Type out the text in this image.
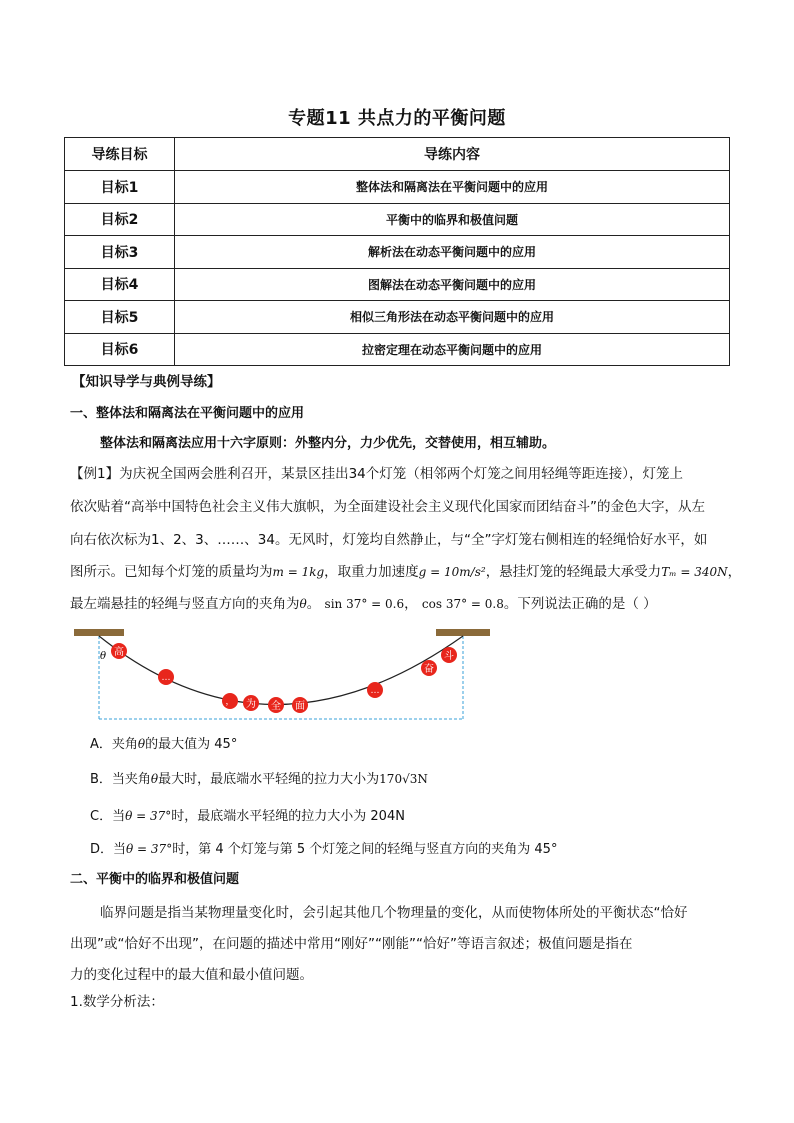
专题11 共点力的平衡问题
导练目标	导练内容
目标1	整体法和隔离法在平衡问题中的应用
目标2	平衡中的临界和极值问题
目标3	解析法在动态平衡问题中的应用
目标4	图解法在动态平衡问题中的应用
目标5	相似三角形法在动态平衡问题中的应用
目标6	拉密定理在动态平衡问题中的应用
【知识导学与典例导练】
一、整体法和隔离法在平衡问题中的应用
整体法和隔离法应用十六字原则：外整内分，力少优先，交替使用，相互辅助。
【例1】为庆祝全国两会胜利召开，某景区挂出34个灯笼（相邻两个灯笼之间用轻绳等距连接），灯笼上
依次贴着“高举中国特色社会主义伟大旗帜，为全面建设社会主义现代化国家而团结奋斗”的金色大字，从左
向右依次标为1、2、3、……、34。无风时，灯笼均自然静止，与“全”字灯笼右侧相连的轻绳恰好水平，如
图所示。已知每个灯笼的质量均为m = 1kg，取重力加速度g = 10m/s²，悬挂灯笼的轻绳最大承受力Tₘ = 340N，
最左端悬挂的轻绳与竖直方向的夹角为θ。 sin 37° = 0.6， cos 37° = 0.8。下列说法正确的是（ ）
θ 高
…
， 为 全 面
…
奋
斗
A．夹角θ的最大值为 45°
B．当夹角θ最大时，最底端水平轻绳的拉力大小为170√3N
C．当θ = 37°时，最底端水平轻绳的拉力大小为 204N
D．当θ = 37°时，第 4 个灯笼与第 5 个灯笼之间的轻绳与竖直方向的夹角为 45°
二、平衡中的临界和极值问题
临界问题是指当某物理量变化时，会引起其他几个物理量的变化，从而使物体所处的平衡状态“恰好
出现”或“恰好不出现”，在问题的描述中常用“刚好”“刚能”“恰好”等语言叙述；极值问题是指在
力的变化过程中的最大值和最小值问题。
1.数学分析法：
